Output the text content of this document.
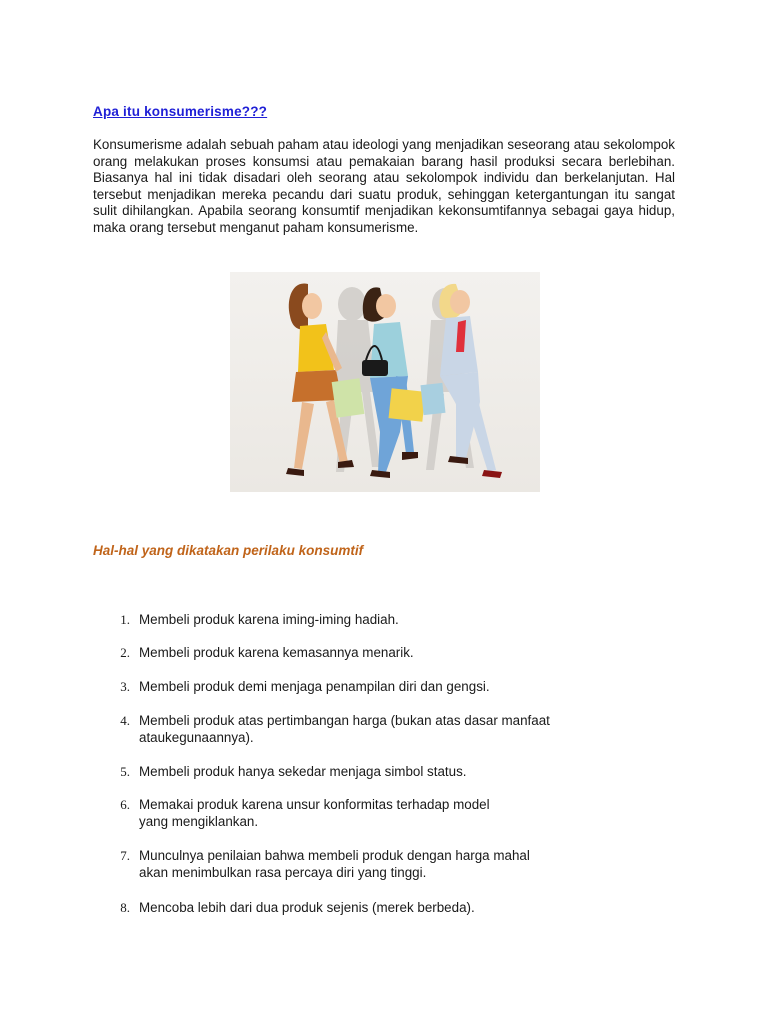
Apa itu konsumerisme???
Konsumerisme adalah sebuah paham atau ideologi yang menjadikan seseorang atau sekolompok orang melakukan proses konsumsi atau pemakaian barang hasil produksi secara berlebihan. Biasanya hal ini tidak disadari oleh seorang atau sekolompok individu dan berkelanjutan. Hal tersebut menjadikan mereka pecandu dari suatu produk, sehinggan ketergantungan itu sangat sulit dihilangkan. Apabila seorang konsumtif menjadikan kekonsumtifannya sebagai gaya hidup, maka orang tersebut menganut paham konsumerisme.
Hal-hal yang dikatakan perilaku konsumtif
1. Membeli produk karena iming-iming hadiah.
2. Membeli produk karena kemasannya menarik.
3. Membeli produk demi menjaga penampilan diri dan gengsi.
4. Membeli produk atas pertimbangan harga (bukan atas dasar manfaat
ataukegunaannya).
5. Membeli produk hanya sekedar menjaga simbol status.
6. Memakai produk karena unsur konformitas terhadap model
yang mengiklankan.
7. Munculnya penilaian bahwa membeli produk dengan harga mahal
akan menimbulkan rasa percaya diri yang tinggi.
8. Mencoba lebih dari dua produk sejenis (merek berbeda).
